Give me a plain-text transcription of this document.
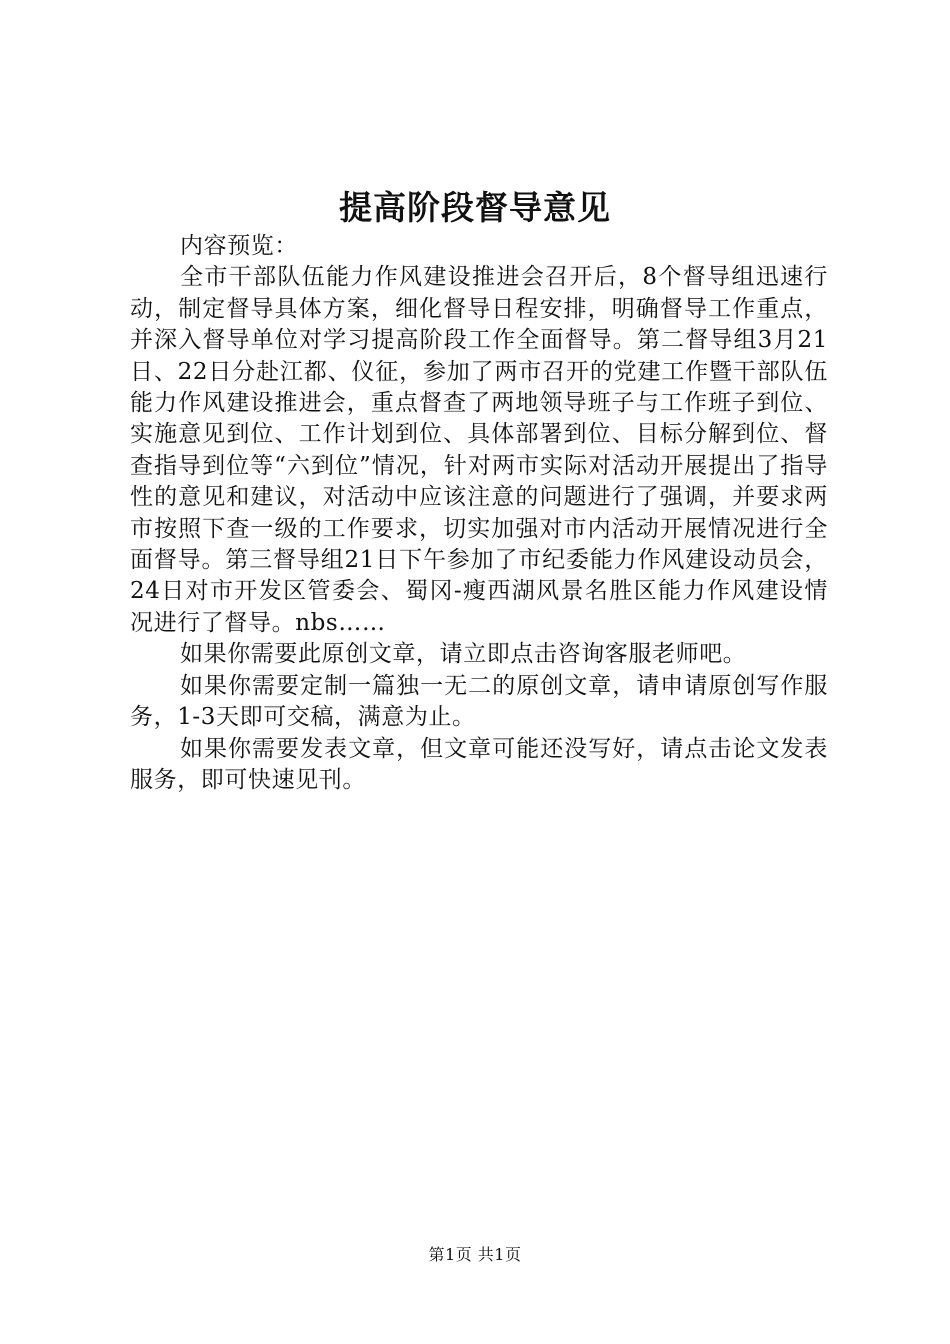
提高阶段督导意见

内容预览：

全市干部队伍能力作风建设推进会召开后，8个督导组迅速行动，制定督导具体方案，细化督导日程安排，明确督导工作重点，并深入督导单位对学习提高阶段工作全面督导。第二督导组3月21日、22日分赴江都、仪征，参加了两市召开的党建工作暨干部队伍能力作风建设推进会，重点督查了两地领导班子与工作班子到位、实施意见到位、工作计划到位、具体部署到位、目标分解到位、督查指导到位等“六到位”情况，针对两市实际对活动开展提出了指导性的意见和建议，对活动中应该注意的问题进行了强调，并要求两市按照下查一级的工作要求，切实加强对市内活动开展情况进行全面督导。第三督导组21日下午参加了市纪委能力作风建设动员会，24日对市开发区管委会、蜀冈-瘦西湖风景名胜区能力作风建设情况进行了督导。nbs……

如果你需要此原创文章，请立即点击咨询客服老师吧。

如果你需要定制一篇独一无二的原创文章，请申请原创写作服务，1-3天即可交稿，满意为止。

如果你需要发表文章，但文章可能还没写好，请点击论文发表服务，即可快速见刊。

第1页 共1页
